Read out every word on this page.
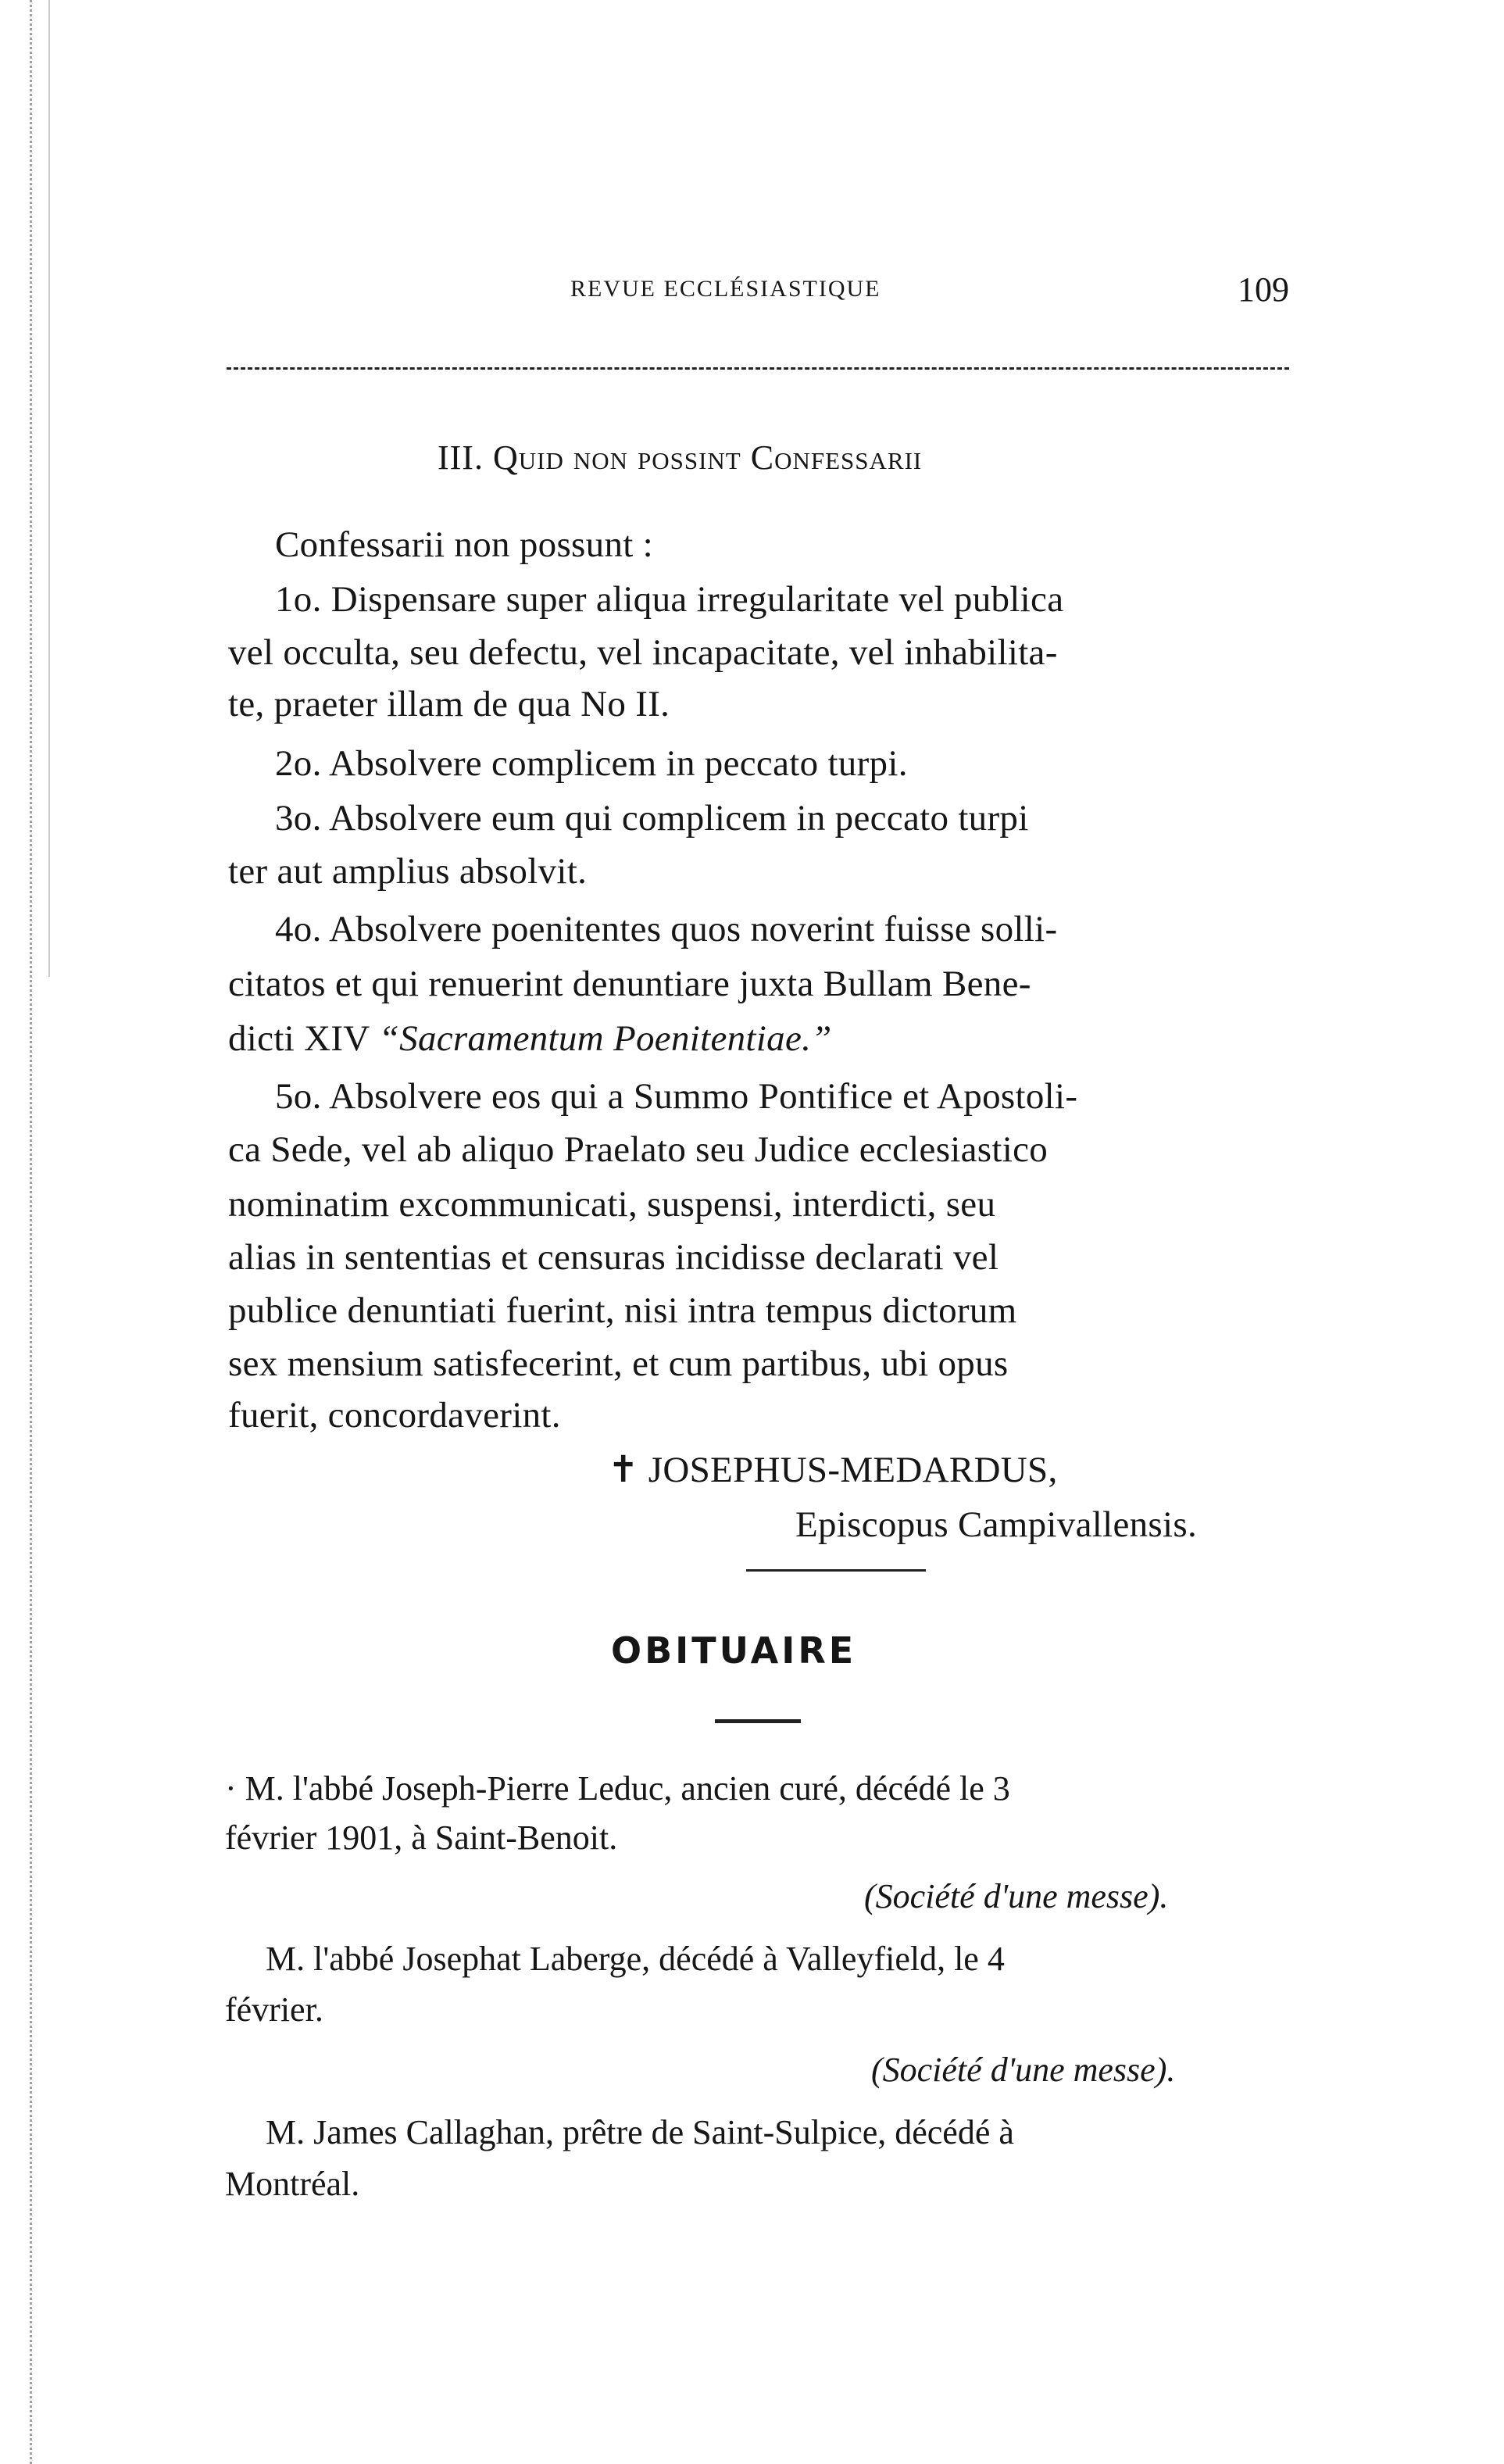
REVUE ECCLÉSIASTIQUE	109
III. Quid non possint Confessarii
Confessarii non possunt :
1o. Dispensare super aliqua irregularitate vel publica
vel occulta, seu defectu, vel incapacitate, vel inhabilita-
te, praeter illam de qua No II.
2o. Absolvere complicem in peccato turpi.
3o. Absolvere eum qui complicem in peccato turpi
ter aut amplius absolvit.
4o. Absolvere poenitentes quos noverint fuisse solli-
citatos et qui renuerint denuntiare juxta Bullam Bene-
dicti XIV “Sacramentum Poenitentiae.”
5o. Absolvere eos qui a Summo Pontifice et Apostoli-
ca Sede, vel ab aliquo Praelato seu Judice ecclesiastico
nominatim excommunicati, suspensi, interdicti, seu
alias in sententias et censuras incidisse declarati vel
publice denuntiati fuerint, nisi intra tempus dictorum
sex mensium satisfecerint, et cum partibus, ubi opus
fuerit, concordaverint.
✝ JOSEPHUS-MEDARDUS,
Episcopus Campivallensis.
OBITUAIRE
· M. l'abbé Joseph-Pierre Leduc, ancien curé, décédé le 3
février 1901, à Saint-Benoit.
(Société d'une messe).
M. l'abbé Josephat Laberge, décédé à Valleyfield, le 4
février.
(Société d'une messe).
M. James Callaghan, prêtre de Saint-Sulpice, décédé à
Montréal.
